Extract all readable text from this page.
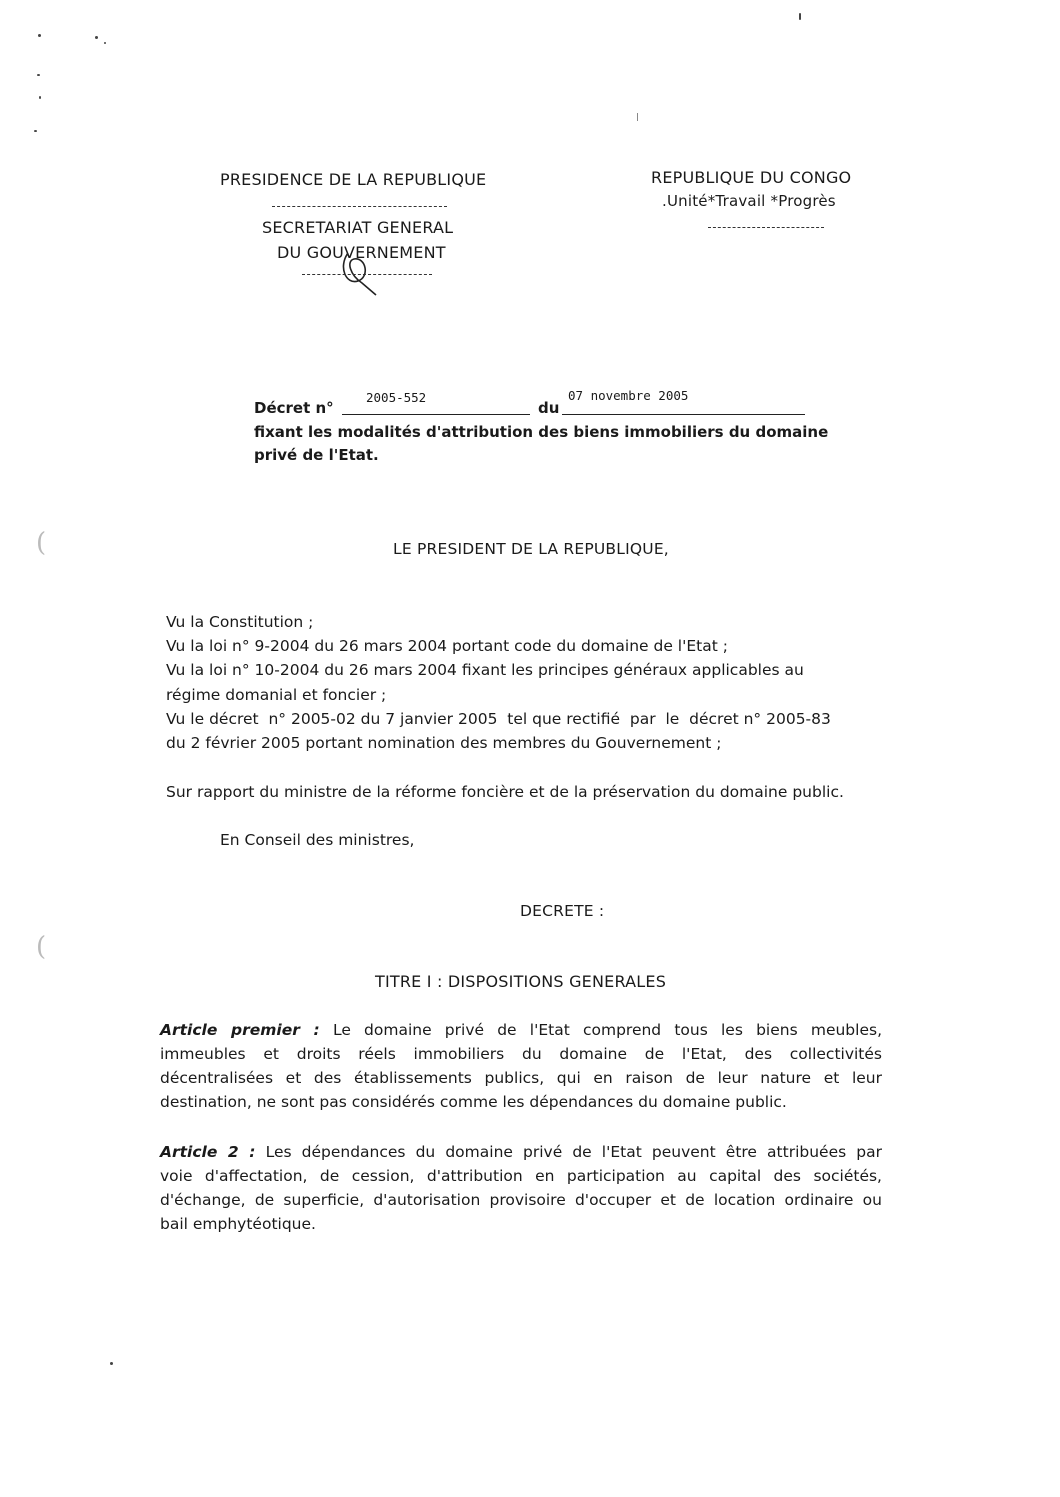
(
(
PRESIDENCE DE LA REPUBLIQUE
SECRETARIAT GENERAL
DU GOUVERNEMENT
REPUBLIQUE DU CONGO
.Unité*Travail *Progrès
Décret n°
2005-552
du
07 novembre 2005
fixant les modalités d'attribution des biens immobiliers du domaine
privé de l'Etat.
LE PRESIDENT DE LA REPUBLIQUE,
Vu la Constitution ;
Vu la loi n° 9-2004 du 26 mars 2004 portant code du domaine de l'Etat ;
Vu la loi n° 10-2004 du 26 mars 2004 fixant les principes généraux applicables au
régime domanial et foncier ;
Vu le décret  n° 2005-02 du 7 janvier 2005  tel que rectifié  par  le  décret n° 2005-83
du 2 février 2005 portant nomination des membres du Gouvernement ;
Sur rapport du ministre de la réforme foncière et de la préservation du domaine public.
En Conseil des ministres,
DECRETE :
TITRE I : DISPOSITIONS GENERALES
Article premier : Le domaine privé de l'Etat comprend tous les biens meubles,
immeubles et droits réels immobiliers du domaine de l'Etat, des collectivités
décentralisées et des établissements publics, qui en raison de leur nature et leur
destination, ne sont pas considérés comme les dépendances du domaine public.
Article 2 : Les dépendances du domaine privé de l'Etat peuvent être attribuées par
voie d'affectation, de cession, d'attribution en participation au capital des sociétés,
d'échange, de superficie, d'autorisation provisoire d'occuper et de location ordinaire ou
bail emphytéotique.
